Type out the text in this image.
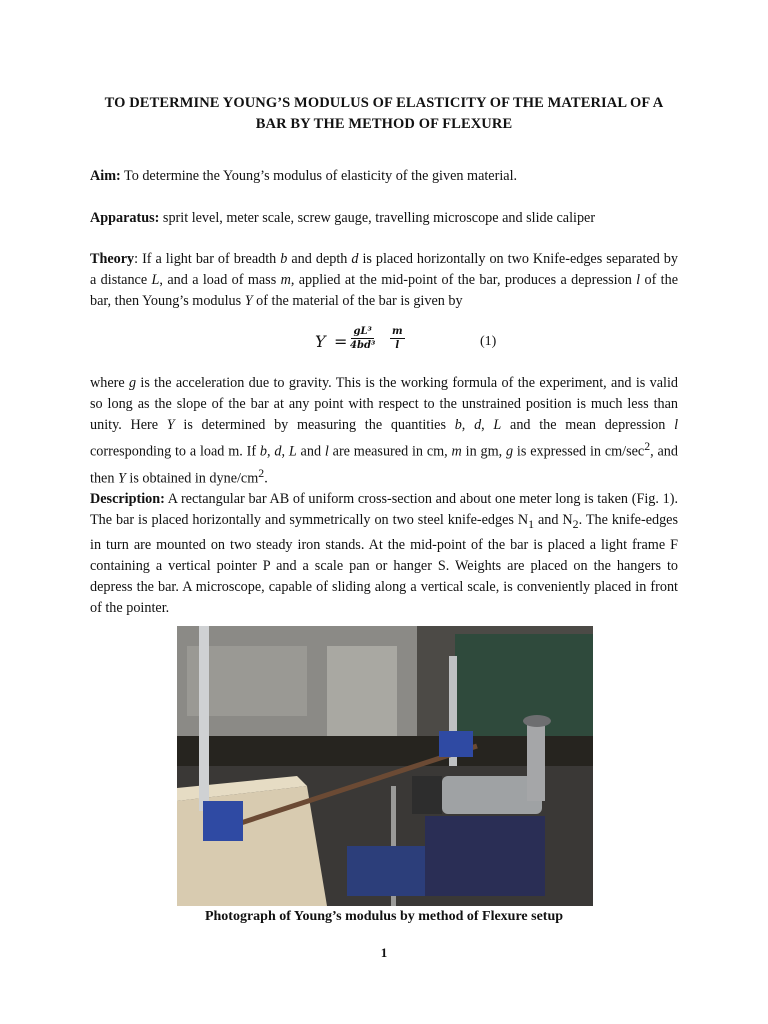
TO DETERMINE YOUNG’S MODULUS OF ELASTICITY OF THE MATERIAL OF A
BAR BY THE METHOD OF FLEXURE
Aim: To determine the Young’s modulus of elasticity of the given material.
Apparatus: sprit level, meter scale, screw gauge, travelling microscope and slide caliper
Theory: If a light bar of breadth b and depth d is placed horizontally on two Knife-edges separated by a distance L, and a load of mass m, applied at the mid-point of the bar, produces a depression l of the bar, then Young’s modulus Y of the material of the bar is given by
$Y = \frac{\text{gL³}}{\text{4bd³}} \frac{m}{l}$	(1)
where g is the acceleration due to gravity. This is the working formula of the experiment, and is valid so long as the slope of the bar at any point with respect to the unstrained position is much less than unity. Here Y is determined by measuring the quantities b, d, L and the mean depression l corresponding to a load m. If b, d, L and l are measured in cm, m in gm, g is expressed in $cm/\sec^2$, and then Y is obtained in dyne/$cm^2$.
Description: A rectangular bar AB of uniform cross-section and about one meter long is taken (Fig. 1). The bar is placed horizontally and symmetrically on two steel knife-edges $N_1$ and $N_2$. The knife-edges in turn are mounted on two steady iron stands. At the mid-point of the bar is placed a light frame F containing a vertical pointer P and a scale pan or hanger S. Weights are placed on the hangers to depress the bar. A microscope, capable of sliding along a vertical scale, is conveniently placed in front of the pointer.
Photograph of Young’s modulus by method of Flexure setup
1
